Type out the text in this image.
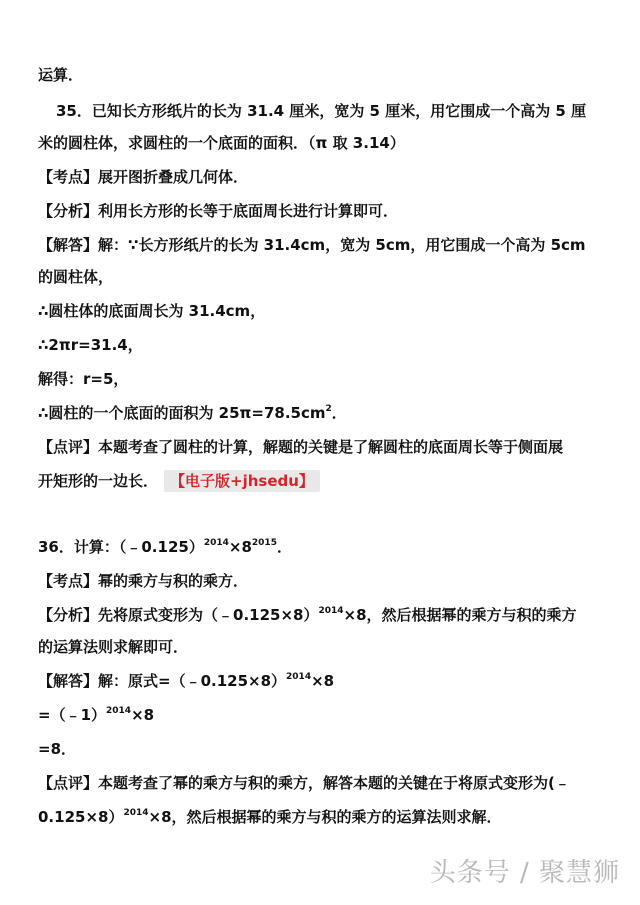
运算．
35．已知长方形纸片的长为 31.4 厘米，宽为 5 厘米，用它围成一个高为 5 厘
米的圆柱体，求圆柱的一个底面的面积．（π 取 3.14）
【考点】展开图折叠成几何体．
【分析】利用长方形的长等于底面周长进行计算即可．
【解答】解：∵长方形纸片的长为 31.4cm，宽为 5cm，用它围成一个高为 5cm
的圆柱体，
∴圆柱体的底面周长为 31.4cm，
∴2πr=31.4，
解得：r=5，
∴圆柱的一个底面的面积为 $25\pi=78.5cm^2$．
【点评】本题考查了圆柱的计算，解题的关键是了解圆柱的底面周长等于侧面展
开矩形的一边长． 【电子版+jhsedu】
36．计算：$(﹣0.125)^{2014}\times 8^{2015}$．
【考点】幂的乘方与积的乘方．
【分析】先将原式变形为（﹣0.125×8）$^{2014}$×8，然后根据幂的乘方与积的乘方
的运算法则求解即可．
【解答】解：原式=（﹣0.125×8）$^{2014}$×8
=（﹣1）$^{2014}$×8
=8．
【点评】本题考查了幂的乘方与积的乘方，解答本题的关键在于将原式变形为(﹣
0.125×8）$^{2014}$×8，然后根据幂的乘方与积的乘方的运算法则求解．
头条号 / 聚慧狮
